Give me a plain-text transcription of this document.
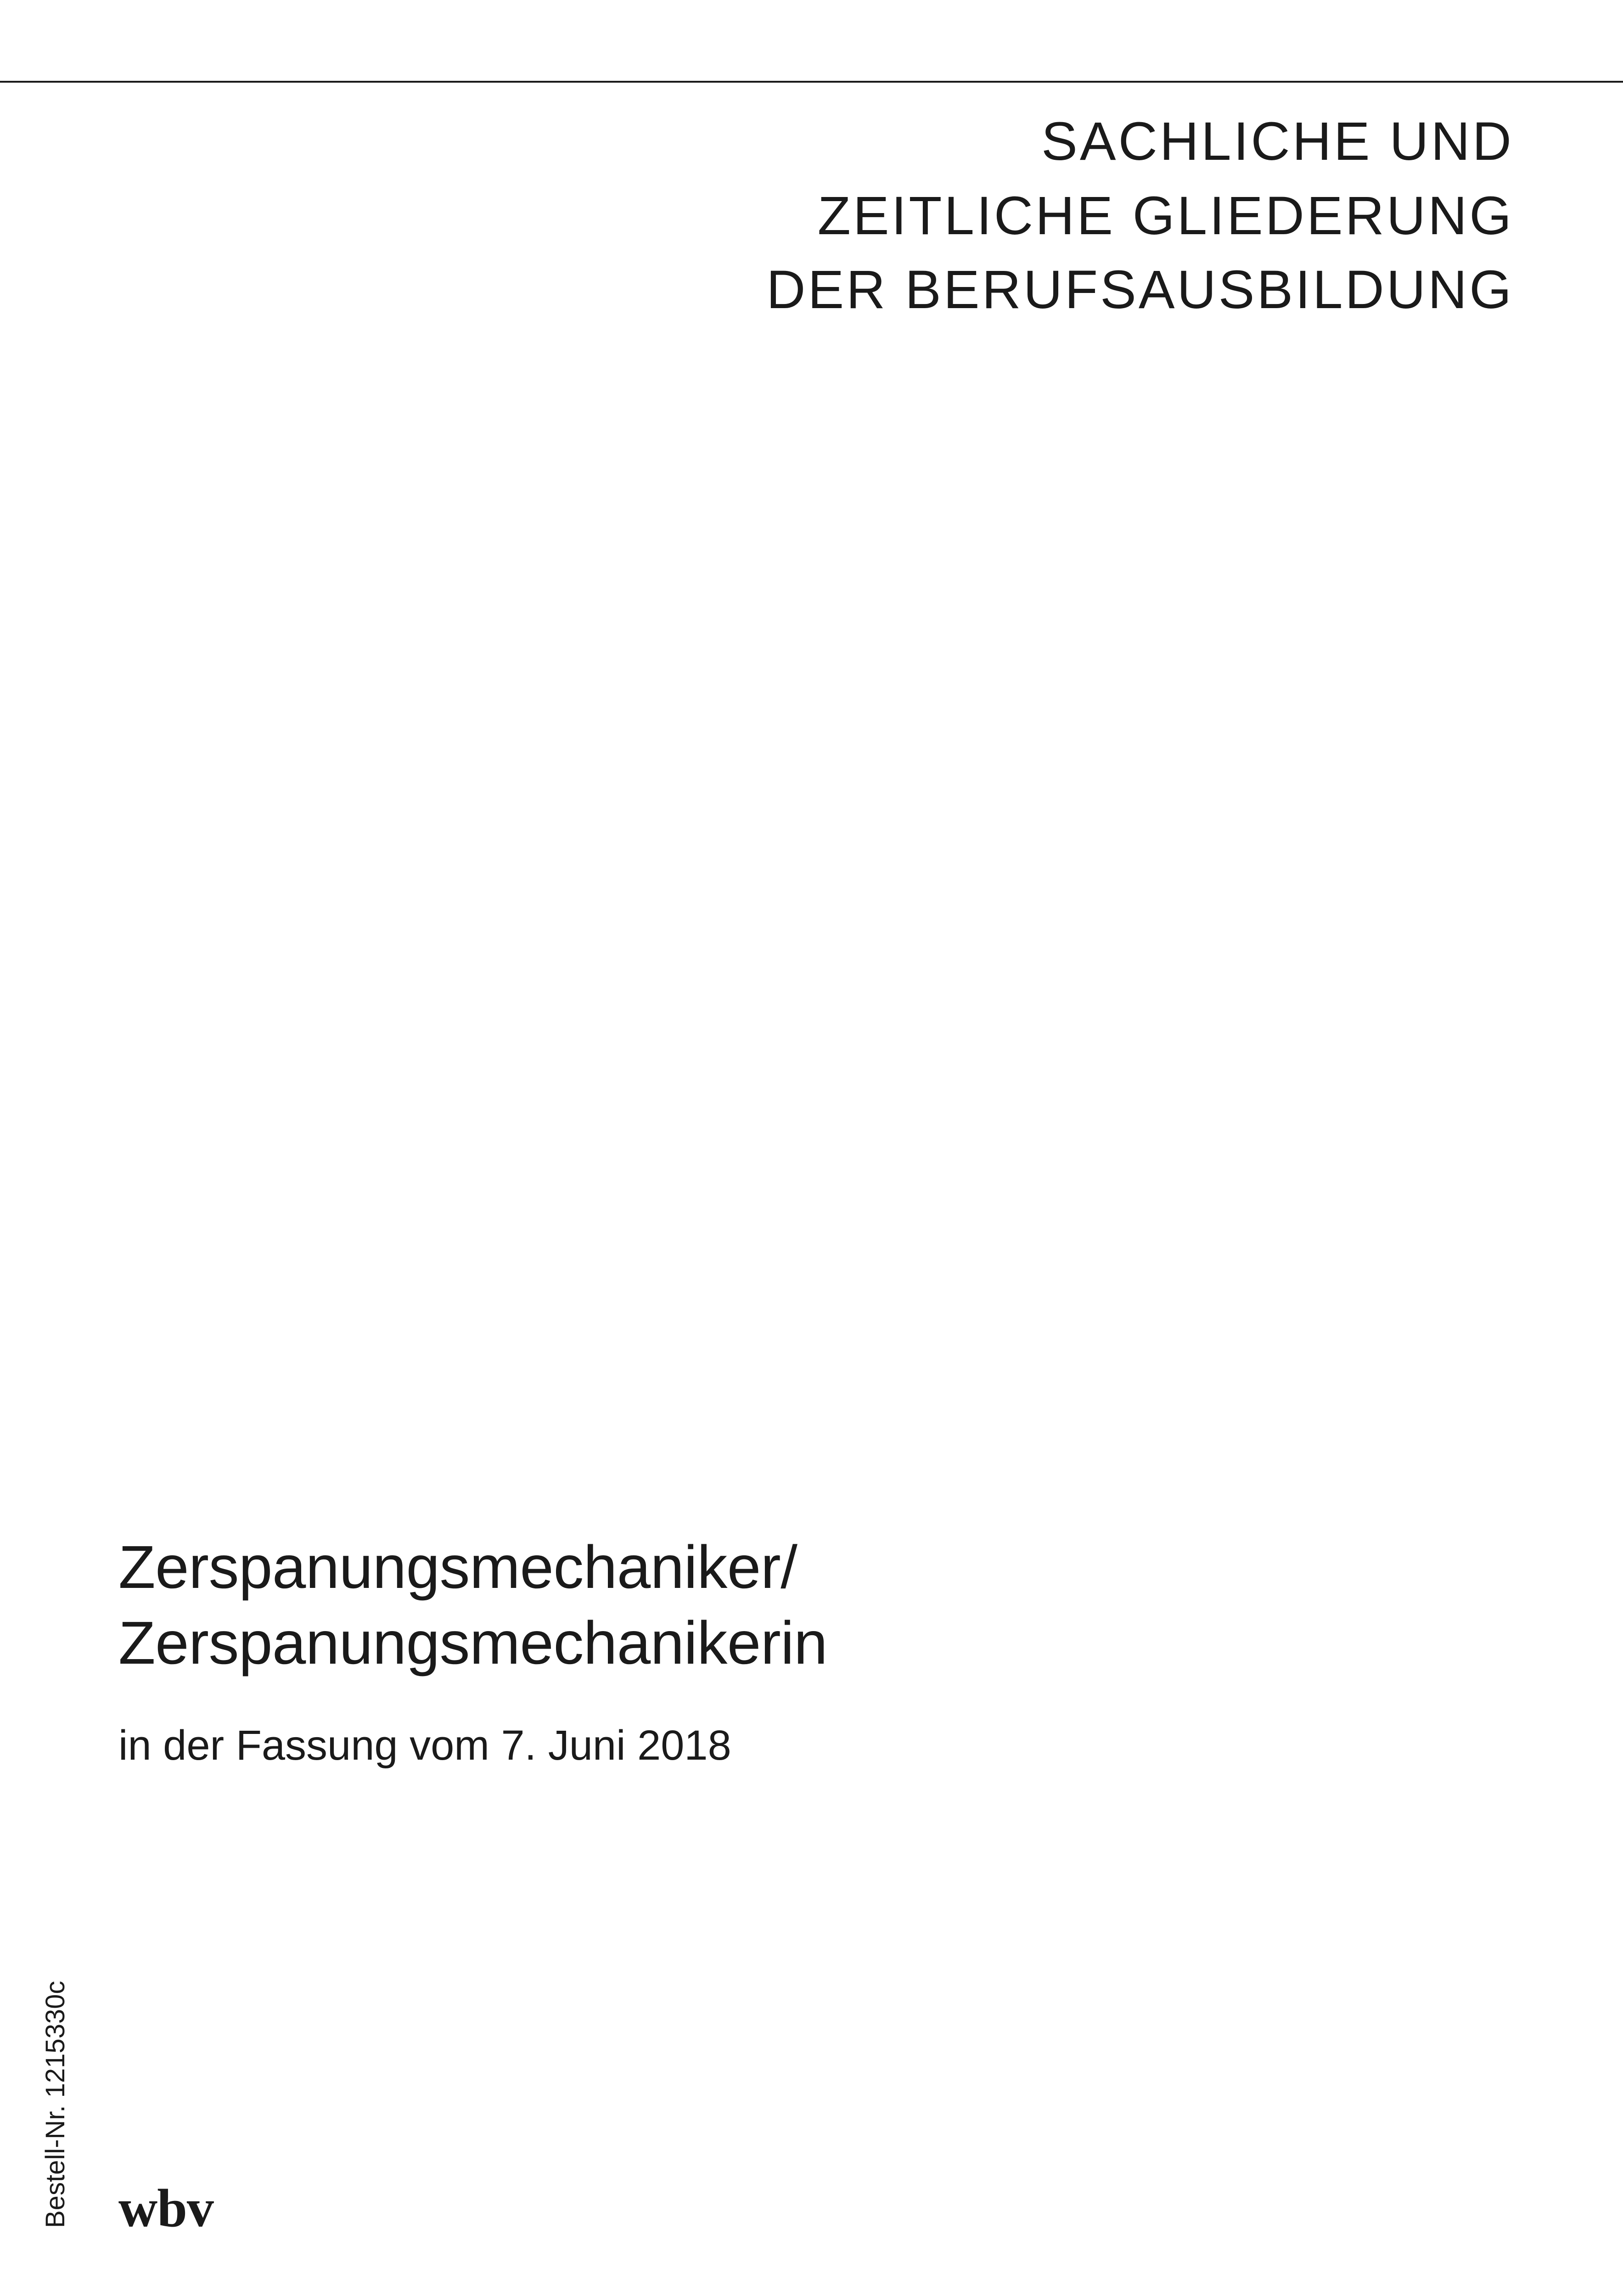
SACHLICHE UND
ZEITLICHE GLIEDERUNG
DER BERUFSAUSBILDUNG
Zerspanungsmechaniker/
Zerspanungsmechanikerin
in der Fassung vom 7. Juni 2018
Bestell-Nr. 1215330c wbv
